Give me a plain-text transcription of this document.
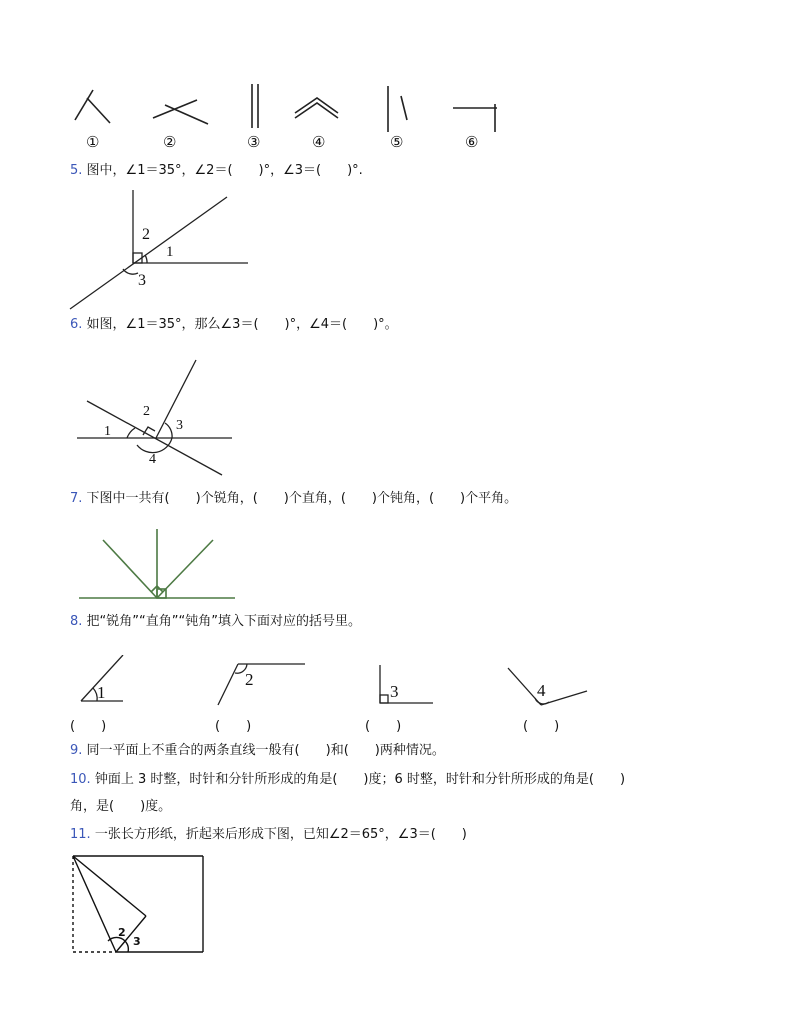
①	②	③	④	⑤	⑥
5. 图中，∠1＝35°，∠2＝(　　)°，∠3＝(　　)°.
2
1
3
6. 如图，∠1＝35°，那么∠3＝(　　)°，∠4＝(　　)°。
1
2
3
4
7. 下图中一共有(　　)个锐角，(　　)个直角，(　　)个钝角，(　　)个平角。
8. 把“锐角”“直角”“钝角”填入下面对应的括号里。
1
2
3	4
(　　)	(　　)	(　　)	(　　)
9. 同一平面上不重合的两条直线一般有(　　)和(　　)两种情况。
10. 钟面上 3 时整，时针和分针所形成的角是(　　)度；6 时整，时针和分针所形成的角是(　　)
角，是(　　)度。
11. 一张长方形纸，折起来后形成下图，已知∠2＝65°，∠3＝(　　)
2
3
